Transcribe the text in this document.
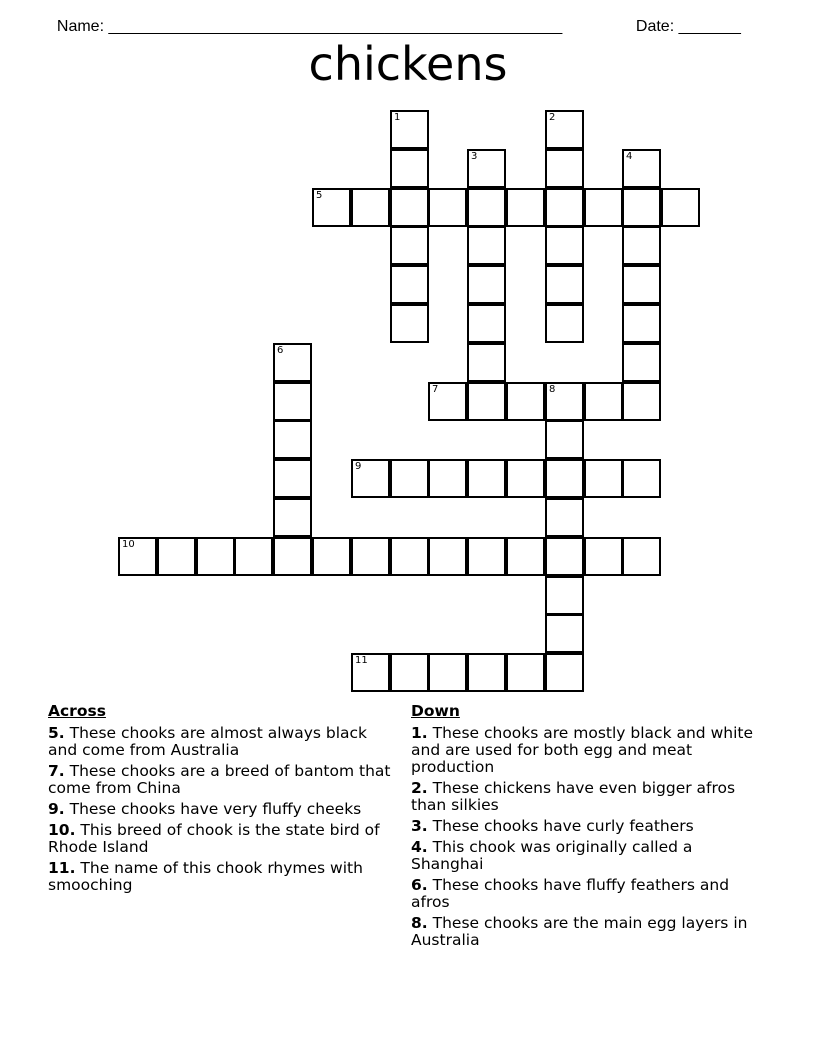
Name: ___________________________________________________	Date: _______

chickens
1	2
3	4
5
6
7	8
9
10
11
Across
5. These chooks are almost always black and come from Australia
7. These chooks are a breed of bantom that come from China
9. These chooks have very fluffy cheeks
10. This breed of chook is the state bird of Rhode Island
11. The name of this chook rhymes with smooching
Down
1. These chooks are mostly black and white and are used for both egg and meat production
2. These chickens have even bigger afros than silkies
3. These chooks have curly feathers
4. This chook was originally called a Shanghai
6. These chooks have fluffy feathers and afros
8. These chooks are the main egg layers in Australia
